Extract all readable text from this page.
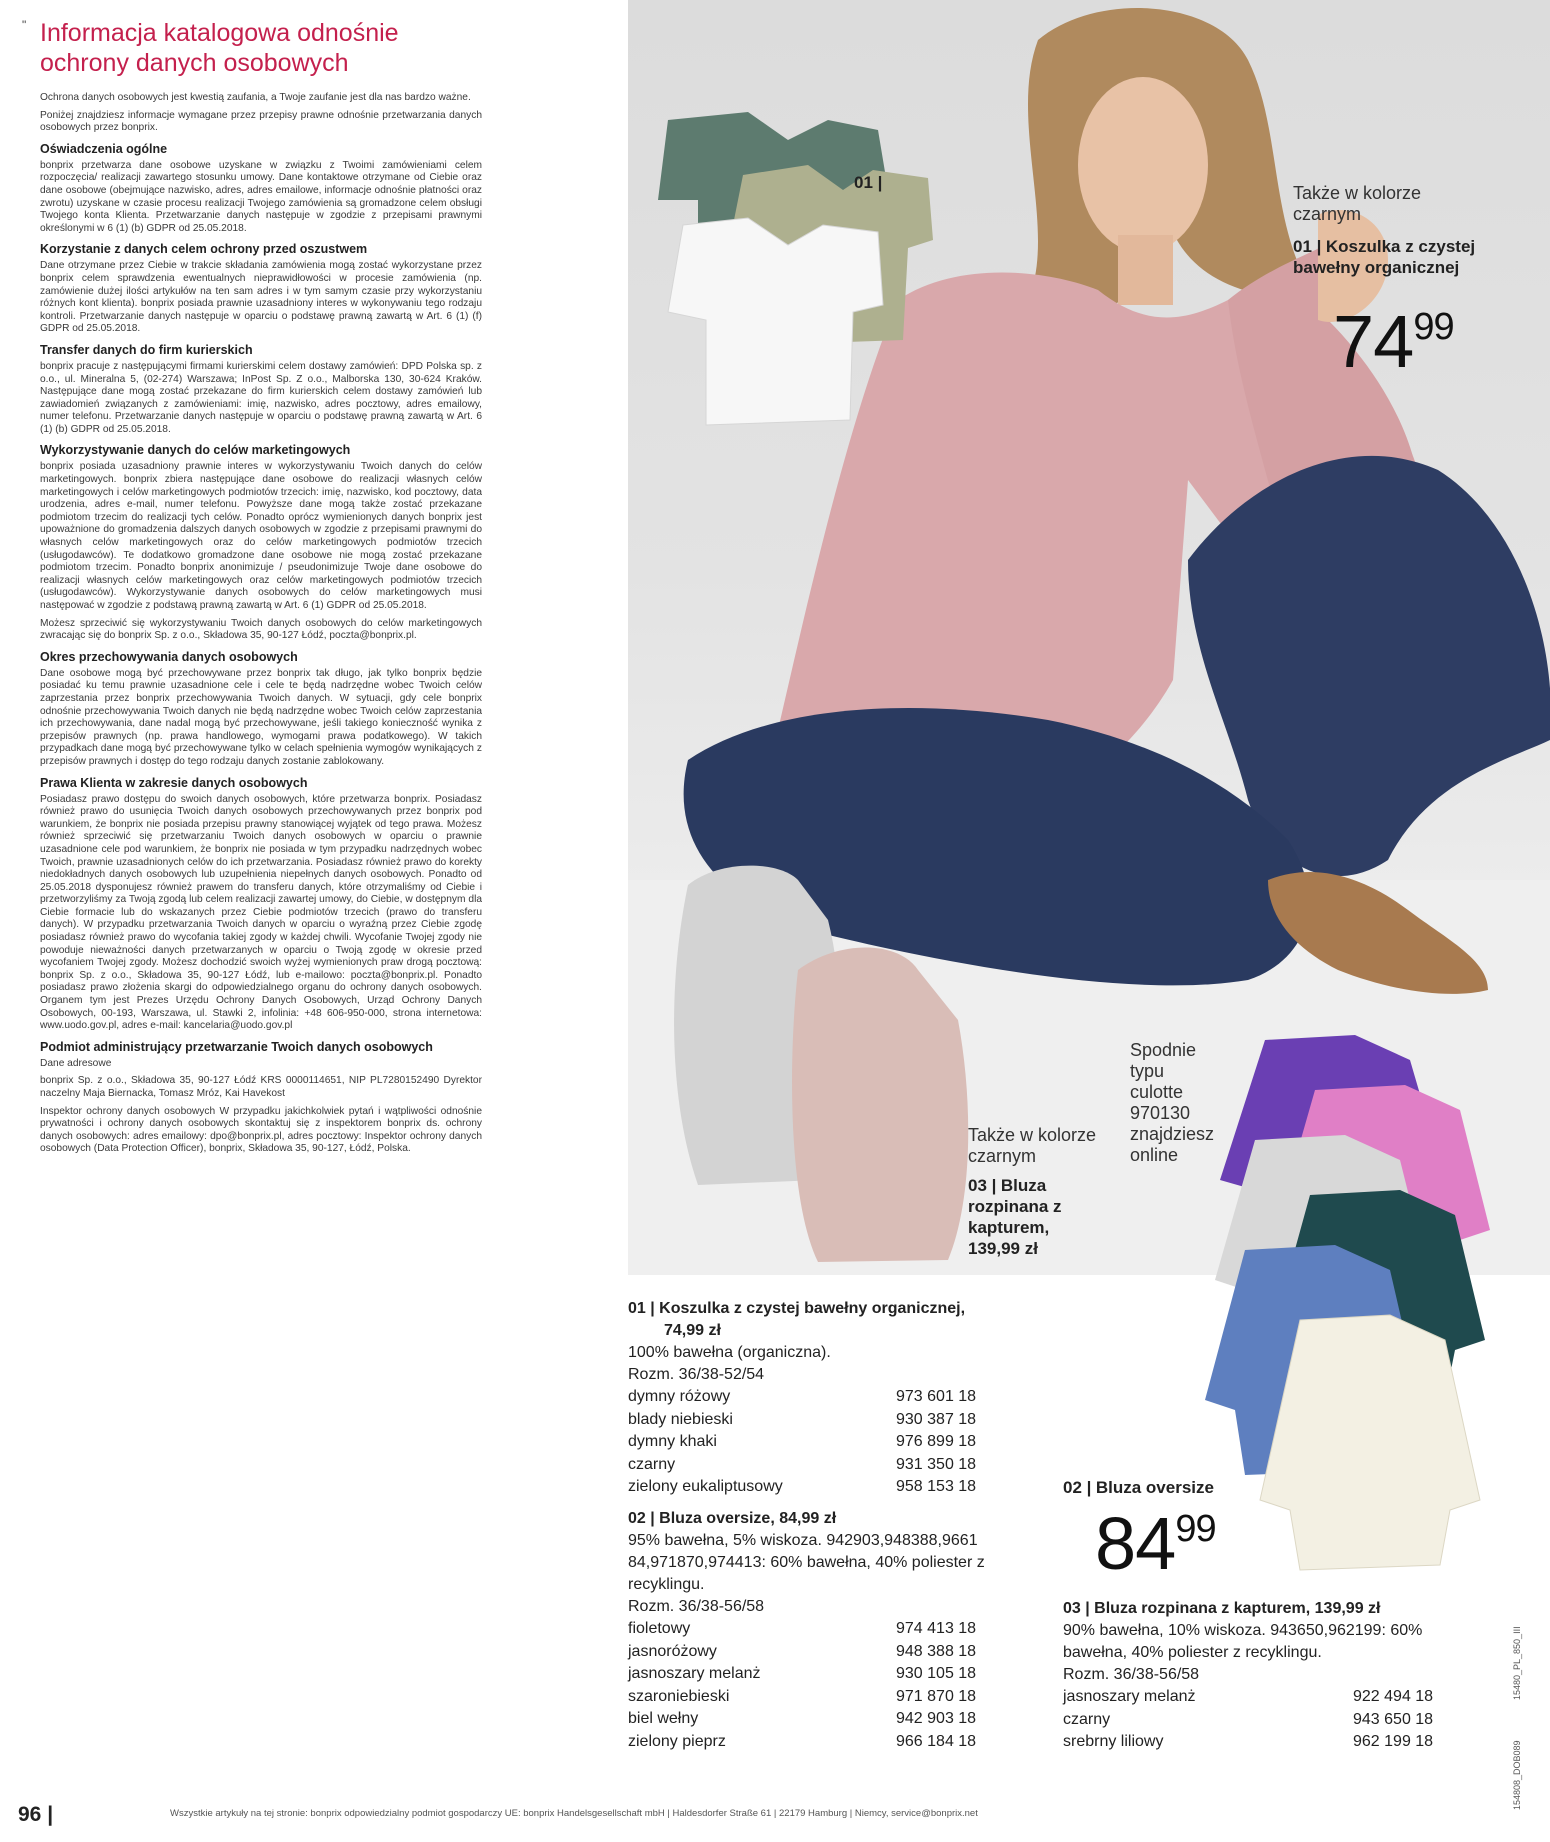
" Informacja katalogowa odnośnie ochrony danych osobowych

Ochrona danych osobowych jest kwestią zaufania, a Twoje zaufanie jest dla nas bardzo ważne.

Poniżej znajdziesz informacje wymagane przez przepisy prawne odnośnie przetwarzania danych osobowych przez bonprix.

Oświadczenia ogólne

bonprix przetwarza dane osobowe uzyskane w związku z Twoimi zamówieniami celem rozpoczęcia/ realizacji zawartego stosunku umowy. Dane kontaktowe otrzymane od Ciebie oraz dane osobowe (obejmujące nazwisko, adres, adres emailowe, informacje odnośnie płatności oraz zwrotu) uzyskane w czasie procesu realizacji Twojego zamówienia są gromadzone celem obsługi Twojego konta Klienta. Przetwarzanie danych następuje w zgodzie z przepisami prawnymi określonymi w 6 (1) (b) GDPR od 25.05.2018.

Korzystanie z danych celem ochrony przed oszustwem

Dane otrzymane przez Ciebie w trakcie składania zamówienia mogą zostać wykorzystane przez bonprix celem sprawdzenia ewentualnych nieprawidłowości w procesie zamówienia (np. zamówienie dużej ilości artykułów na ten sam adres i w tym samym czasie przy wykorzystaniu różnych kont klienta). bonprix posiada prawnie uzasadniony interes w wykonywaniu tego rodzaju kontroli. Przetwarzanie danych następuje w oparciu o podstawę prawną zawartą w Art. 6 (1) (f) GDPR od 25.05.2018.

Transfer danych do firm kurierskich

bonprix pracuje z następującymi firmami kurierskimi celem dostawy zamówień: DPD Polska sp. z o.o., ul. Mineralna 5, (02-274) Warszawa; InPost Sp. Z o.o., Malborska 130, 30-624 Kraków. Następujące dane mogą zostać przekazane do firm kurierskich celem dostawy zamówień lub zawiadomień związanych z zamówieniami: imię, nazwisko, adres pocztowy, adres emailowy, numer telefonu. Przetwarzanie danych następuje w oparciu o podstawę prawną zawartą w Art. 6 (1) (b) GDPR od 25.05.2018.

Wykorzystywanie danych do celów marketingowych

bonprix posiada uzasadniony prawnie interes w wykorzystywaniu Twoich danych do celów marketingowych. bonprix zbiera następujące dane osobowe do realizacji własnych celów marketingowych i celów marketingowych podmiotów trzecich: imię, nazwisko, kod pocztowy, data urodzenia, adres e-mail, numer telefonu. Powyższe dane mogą także zostać przekazane podmiotom trzecim do realizacji tych celów. Ponadto oprócz wymienionych danych bonprix jest upoważnione do gromadzenia dalszych danych osobowych w zgodzie z przepisami prawnymi do własnych celów marketingowych oraz do celów marketingowych podmiotów trzecich (usługodawców). Te dodatkowo gromadzone dane osobowe nie mogą zostać przekazane podmiotom trzecim. Ponadto bonprix anonimizuje / pseudonimizuje Twoje dane osobowe do realizacji własnych celów marketingowych oraz celów marketingowych podmiotów trzecich (usługodawców). Wykorzystywanie danych osobowych do celów marketingowych musi następować w zgodzie z podstawą prawną zawartą w Art. 6 (1) GDPR od 25.05.2018.

Możesz sprzeciwić się wykorzystywaniu Twoich danych osobowych do celów marketingowych zwracając się do bonprix Sp. z o.o., Składowa 35, 90-127 Łódź, poczta@bonprix.pl.

Okres przechowywania danych osobowych

Dane osobowe mogą być przechowywane przez bonprix tak długo, jak tylko bonprix będzie posiadać ku temu prawnie uzasadnione cele i cele te będą nadrzędne wobec Twoich celów zaprzestania przez bonprix przechowywania Twoich danych. W sytuacji, gdy cele bonprix odnośnie przechowywania Twoich danych nie będą nadrzędne wobec Twoich celów zaprzestania ich przechowywania, dane nadal mogą być przechowywane, jeśli takiego konieczność wynika z przepisów prawnych (np. prawa handlowego, wymogami prawa podatkowego). W takich przypadkach dane mogą być przechowywane tylko w celach spełnienia wymogów wynikających z przepisów prawnych i dostęp do tego rodzaju danych zostanie zablokowany.

Prawa Klienta w zakresie danych osobowych

Posiadasz prawo dostępu do swoich danych osobowych, które przetwarza bonprix. Posiadasz również prawo do usunięcia Twoich danych osobowych przechowywanych przez bonprix pod warunkiem, że bonprix nie posiada przepisu prawny stanowiącej wyjątek od tego prawa. Możesz również sprzeciwić się przetwarzaniu Twoich danych osobowych w oparciu o prawnie uzasadnione cele pod warunkiem, że bonprix nie posiada w tym przypadku nadrzędnych wobec Twoich, prawnie uzasadnionych celów do ich przetwarzania. Posiadasz również prawo do korekty niedokładnych danych osobowych lub uzupełnienia niepełnych danych osobowych. Ponadto od 25.05.2018 dysponujesz również prawem do transferu danych, które otrzymaliśmy od Ciebie i przetworzyliśmy za Twoją zgodą lub celem realizacji zawartej umowy, do Ciebie, w dostępnym dla Ciebie formacie lub do wskazanych przez Ciebie podmiotów trzecich (prawo do transferu danych). W przypadku przetwarzania Twoich danych w oparciu o wyraźną przez Ciebie zgodę posiadasz również prawo do wycofania takiej zgody w każdej chwili. Wycofanie Twojej zgody nie powoduje nieważności danych przetwarzanych w oparciu o Twoją zgodę w okresie przed wycofaniem Twojej zgody. Możesz dochodzić swoich wyżej wymienionych praw drogą pocztową: bonprix Sp. z o.o., Składowa 35, 90-127 Łódź, lub e-mailowo: poczta@bonprix.pl. Ponadto posiadasz prawo złożenia skargi do odpowiedzialnego organu do ochrony danych osobowych. Organem tym jest Prezes Urzędu Ochrony Danych Osobowych, Urząd Ochrony Danych Osobowych, 00-193, Warszawa, ul. Stawki 2, infolinia: +48 606-950-000, strona internetowa: www.uodo.gov.pl, adres e-mail: kancelaria@uodo.gov.pl

Podmiot administrujący przetwarzanie Twoich danych osobowych

Dane adresowe

bonprix Sp. z o.o., Składowa 35, 90-127 Łódź KRS 0000114651, NIP PL7280152490 Dyrektor naczelny Maja Biernacka, Tomasz Mróz, Kai Havekost

Inspektor ochrony danych osobowych W przypadku jakichkolwiek pytań i wątpliwości odnośnie prywatności i ochrony danych osobowych skontaktuj się z inspektorem bonprix ds. ochrony danych osobowych: adres emailowy: dpo@bonprix.pl, adres pocztowy: Inspektor ochrony danych osobowych (Data Protection Officer), bonprix, Składowa 35, 90-127, Łódź, Polska.

96 |	Wszystkie artykuły na tej stronie: bonprix odpowiedzialny podmiot gospodarczy UE: bonprix Handelsgesellschaft mbH | Haldesdorfer Straße 61 | 22179 Hamburg | Niemcy, service@bonprix.net
01 |
Także w kolorze czarnym
01 | Koszulka z czystej bawełny organicznej
$74^{99}$
Spodnie typu culotte 970130 znajdziesz online
Także w kolorze czarnym
03 | Bluza rozpinana z kapturem,
139,99 zł
01 | Koszulka z czystej bawełny organicznej,
74,99 zł
100% bawełna (organiczna).
Rozm. 36/38-52/54
dymny różowy	973 601 18
blady niebieski	930 387 18
dymny khaki	976 899 18
czarny	931 350 18
zielony eukaliptusowy	958 153 18
02 | Bluza oversize, 84,99 zł
95% bawełna, 5% wiskoza. 942903,948388,9661 84,971870,974413: 60% bawełna, 40% poliester z recyklingu.
Rozm. 36/38-56/58
fioletowy	974 413 18
jasnoróżowy	948 388 18
jasnoszary melanż	930 105 18
szaroniebieski	971 870 18
biel wełny	942 903 18
zielony pieprz	966 184 18
02 | Bluza oversize
$84^{99}$
03 | Bluza rozpinana z kapturem, 139,99 zł
90% bawełna, 10% wiskoza. 943650,962199: 60% bawełna, 40% poliester z recyklingu.
Rozm. 36/38-56/58
jasnoszary melanż	922 494 18
czarny	943 650 18
srebrny liliowy	962 199 18
15480_PL_850_III
154808_DOB089
